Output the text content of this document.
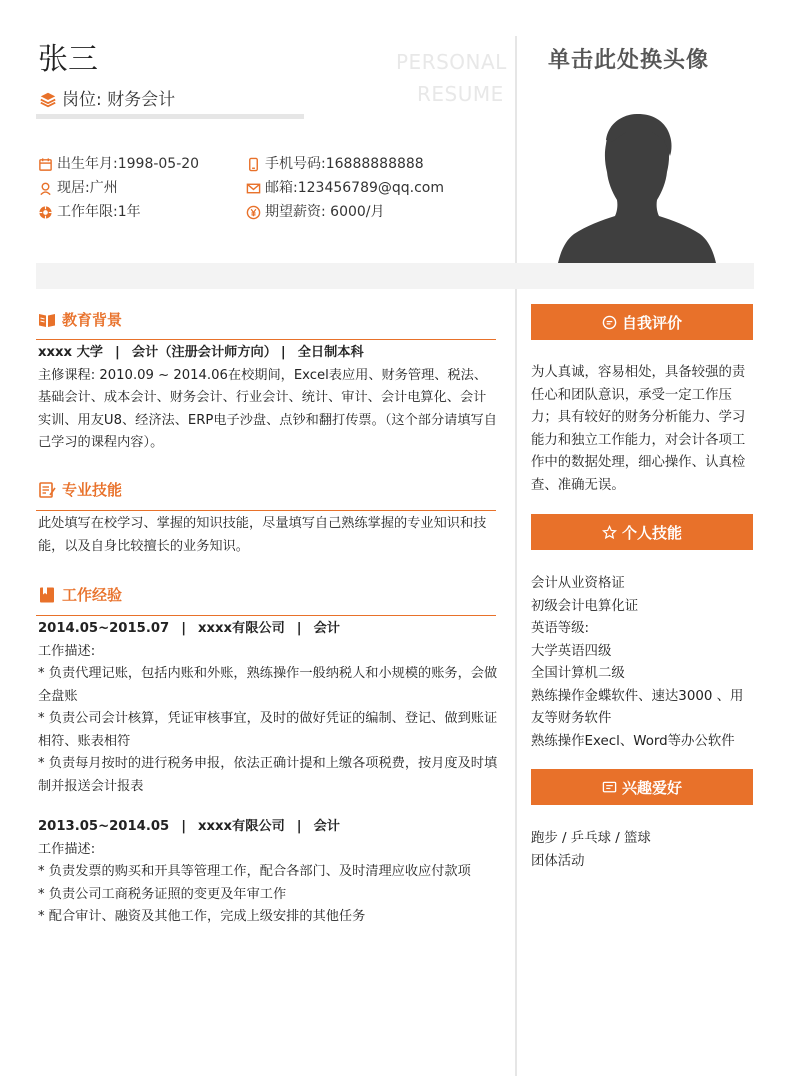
张三
岗位: 财务会计
PERSONAL
RESUME
出生年月:1998-05-20	手机号码:16888888888
现居:广州	邮箱:123456789@qq.com
工作年限:1年	期望薪资: 6000/月
单击此处换头像
教育背景
xxxx 大学 | 会计（注册会计师方向） | 全日制本科
主修课程: 2010.09 ~ 2014.06在校期间，Excel表应用、财务管理、税法、基础会计、成本会计、财务会计、行业会计、统计、审计、会计电算化、会计实训、用友U8、经济法、ERP电子沙盘、点钞和翻打传票。（这个部分请填写自己学习的课程内容）。
专业技能
此处填写在校学习、掌握的知识技能，尽量填写自己熟练掌握的专业知识和技能，以及自身比较擅长的业务知识。
工作经验
2014.05~2015.07 | xxxx有限公司 | 会计
工作描述:
* 负责代理记账，包括内账和外账，熟练操作一般纳税人和小规模的账务，会做全盘账
* 负责公司会计核算，凭证审核事宜，及时的做好凭证的编制、登记、做到账证相符、账表相符
* 负责每月按时的进行税务申报，依法正确计提和上缴各项税费，按月度及时填制并报送会计报表
2013.05~2014.05 | xxxx有限公司 | 会计
工作描述:
* 负责发票的购买和开具等管理工作，配合各部门、及时清理应收应付款项
* 负责公司工商税务证照的变更及年审工作
* 配合审计、融资及其他工作，完成上级安排的其他任务
自我评价
为人真诚，容易相处，具备较强的责任心和团队意识，承受一定工作压力；具有较好的财务分析能力、学习能力和独立工作能力，对会计各项工作中的数据处理，细心操作、认真检查、准确无误。
个人技能
会计从业资格证
初级会计电算化证
英语等级:
大学英语四级
全国计算机二级
熟练操作金蝶软件、速达3000 、用友等财务软件
熟练操作Execl、Word等办公软件
兴趣爱好
跑步 / 乒乓球 / 篮球
团体活动
